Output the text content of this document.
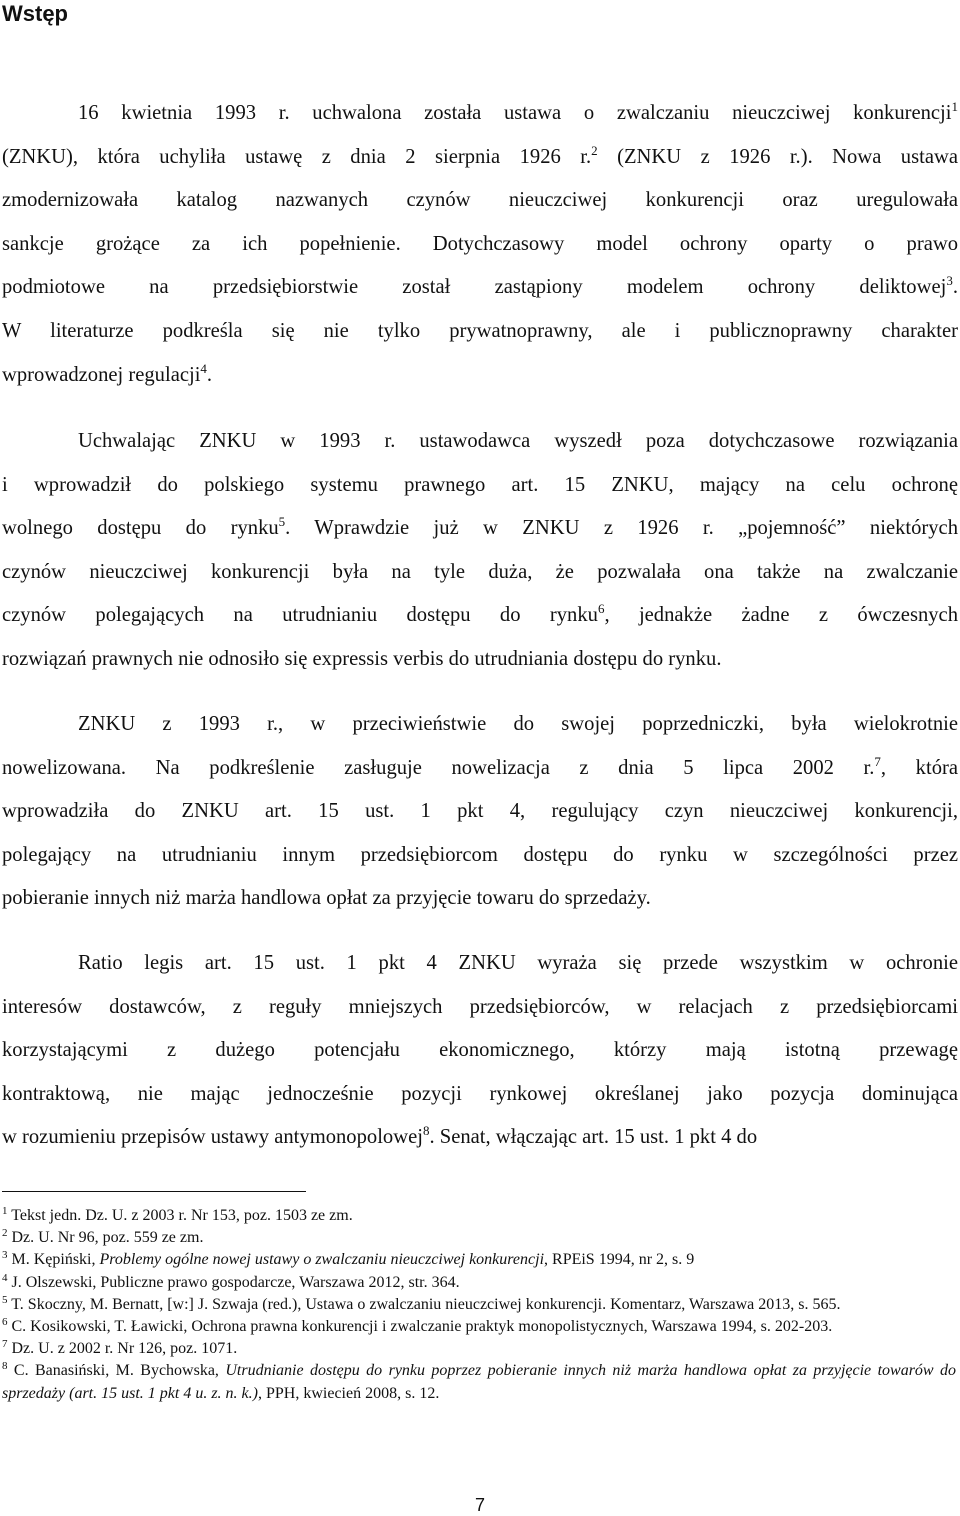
Wstęp
16 kwietnia 1993 r. uchwalona została ustawa o zwalczaniu nieuczciwej konkurencji$^1$
(ZNKU), która uchyliła ustawę z dnia 2 sierpnia 1926 r.$^2$ (ZNKU z 1926 r.). Nowa ustawa
zmodernizowała katalog nazwanych czynów nieuczciwej konkurencji oraz uregulowała
sankcje grożące za ich popełnienie. Dotychczasowy model ochrony oparty o prawo
podmiotowe na przedsiębiorstwie został zastąpiony modelem ochrony deliktowej$^3$.
W literaturze podkreśla się nie tylko prywatnoprawny, ale i publicznoprawny charakter
wprowadzonej regulacji$^4$.
Uchwalając ZNKU w 1993 r. ustawodawca wyszedł poza dotychczasowe rozwiązania
i wprowadził do polskiego systemu prawnego art. 15 ZNKU, mający na celu ochronę
wolnego dostępu do rynku$^5$. Wprawdzie już w ZNKU z 1926 r. „pojemność” niektórych
czynów nieuczciwej konkurencji była na tyle duża, że pozwalała ona także na zwalczanie
czynów polegających na utrudnianiu dostępu do rynku$^6$, jednakże żadne z ówczesnych
rozwiązań prawnych nie odnosiło się expressis verbis do utrudniania dostępu do rynku.
ZNKU z 1993 r., w przeciwieństwie do swojej poprzedniczki, była wielokrotnie
nowelizowana. Na podkreślenie zasługuje nowelizacja z dnia 5 lipca 2002 r.$^7$, która
wprowadziła do ZNKU art. 15 ust. 1 pkt 4, regulujący czyn nieuczciwej konkurencji,
polegający na utrudnianiu innym przedsiębiorcom dostępu do rynku w szczególności przez
pobieranie innych niż marża handlowa opłat za przyjęcie towaru do sprzedaży.
Ratio legis art. 15 ust. 1 pkt 4 ZNKU wyraża się przede wszystkim w ochronie
interesów dostawców, z reguły mniejszych przedsiębiorców, w relacjach z przedsiębiorcami
korzystającymi z dużego potencjału ekonomicznego, którzy mają istotną przewagę
kontraktową, nie mając jednocześnie pozycji rynkowej określanej jako pozycja dominująca
w rozumieniu przepisów ustawy antymonopolowej$^8$. Senat, włączając art. 15 ust. 1 pkt 4 do
$^1$ Tekst jedn. Dz. U. z 2003 r. Nr 153, poz. 1503 ze zm.
$^2$ Dz. U. Nr 96, poz. 559 ze zm.
$^3$ M. Kępiński, Problemy ogólne nowej ustawy o zwalczaniu nieuczciwej konkurencji, RPEiS 1994, nr 2, s. 9
$^4$ J. Olszewski, Publiczne prawo gospodarcze, Warszawa 2012, str. 364.
$^5$ T. Skoczny, M. Bernatt, [w:] J. Szwaja (red.), Ustawa o zwalczaniu nieuczciwej konkurencji. Komentarz, Warszawa 2013, s. 565.
$^6$ C. Kosikowski, T. Ławicki, Ochrona prawna konkurencji i zwalczanie praktyk monopolistycznych, Warszawa 1994, s. 202-203.
$^7$ Dz. U. z 2002 r. Nr 126, poz. 1071.
$^8$ C. Banasiński, M. Bychowska, Utrudnianie dostępu do rynku poprzez pobieranie innych niż marża handlowa opłat za przyjęcie towarów do sprzedaży (art. 15 ust. 1 pkt 4 u. z. n. k.), PPH, kwiecień 2008, s. 12.
7
